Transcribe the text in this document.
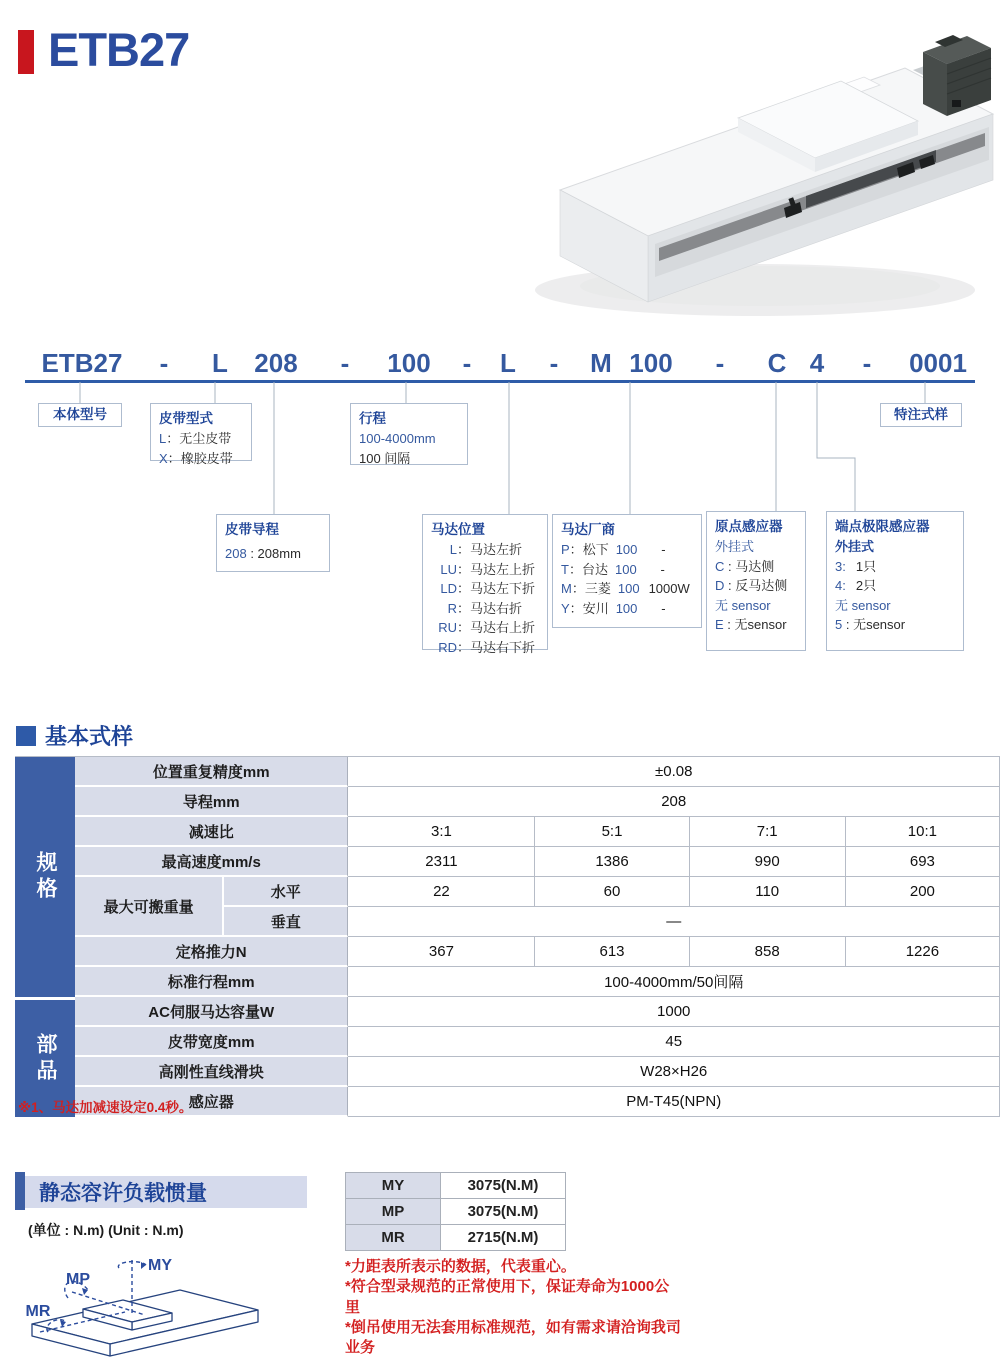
ETB27
ETB27 - L 208 - 100 - L - M 100 - C 4 - 0001
本体型号	皮带型式
L ： 无尘皮带
X ： 橡胶皮带
行程
100-4000mm
100 间隔
特注式样
皮带导程
208 : 208mm
马达位置
L ： 马达左折
LU ： 马达左上折
LD ： 马达左下折
R ： 马达右折
RU ： 马达右上折
RD ： 马达右下折
马达厂商
P ： 松下 100	-
T ： 台达 100	-
M ： 三菱 100 1000W
Y ： 安川 100	-
原点感应器
外挂式
C : 马达侧
D : 反马达侧
无 sensor
E : 无sensor
端点极限感应器
外挂式
3: 1只
4: 2只
无 sensor
5 : 无sensor
基本式样
规格	位置重复精度mm		±0.08			
	导程mm		208			
	减速比		3:1	5:1	7:1	10:1
	最高速度mm/s		2311	1386	990	693
	最大可搬重量	水平	22	60	110	200
		垂直	—			
	定格推力N		367	613	858	1226
	标准行程mm		100-4000mm/50间隔			

部品	AC伺服马达容量W		1000			
	皮带宽度mm		45			
	高刚性直线滑块		W28×H26			
	感应器		PM-T45(NPN)			
※1、马达加减速设定0.4秒。
静态容许负载惯量
(单位 : N.m) (Unit : N.m)
MP
MY
MR
MY	3075(N.M)
MP	3075(N.M)
MR	2715(N.M)
*力距表所表示的数据，代表重心。
*符合型录规范的正常使用下，保证寿命为1000公里
*倒吊使用无法套用标准规范，如有需求请洽询我司业务
